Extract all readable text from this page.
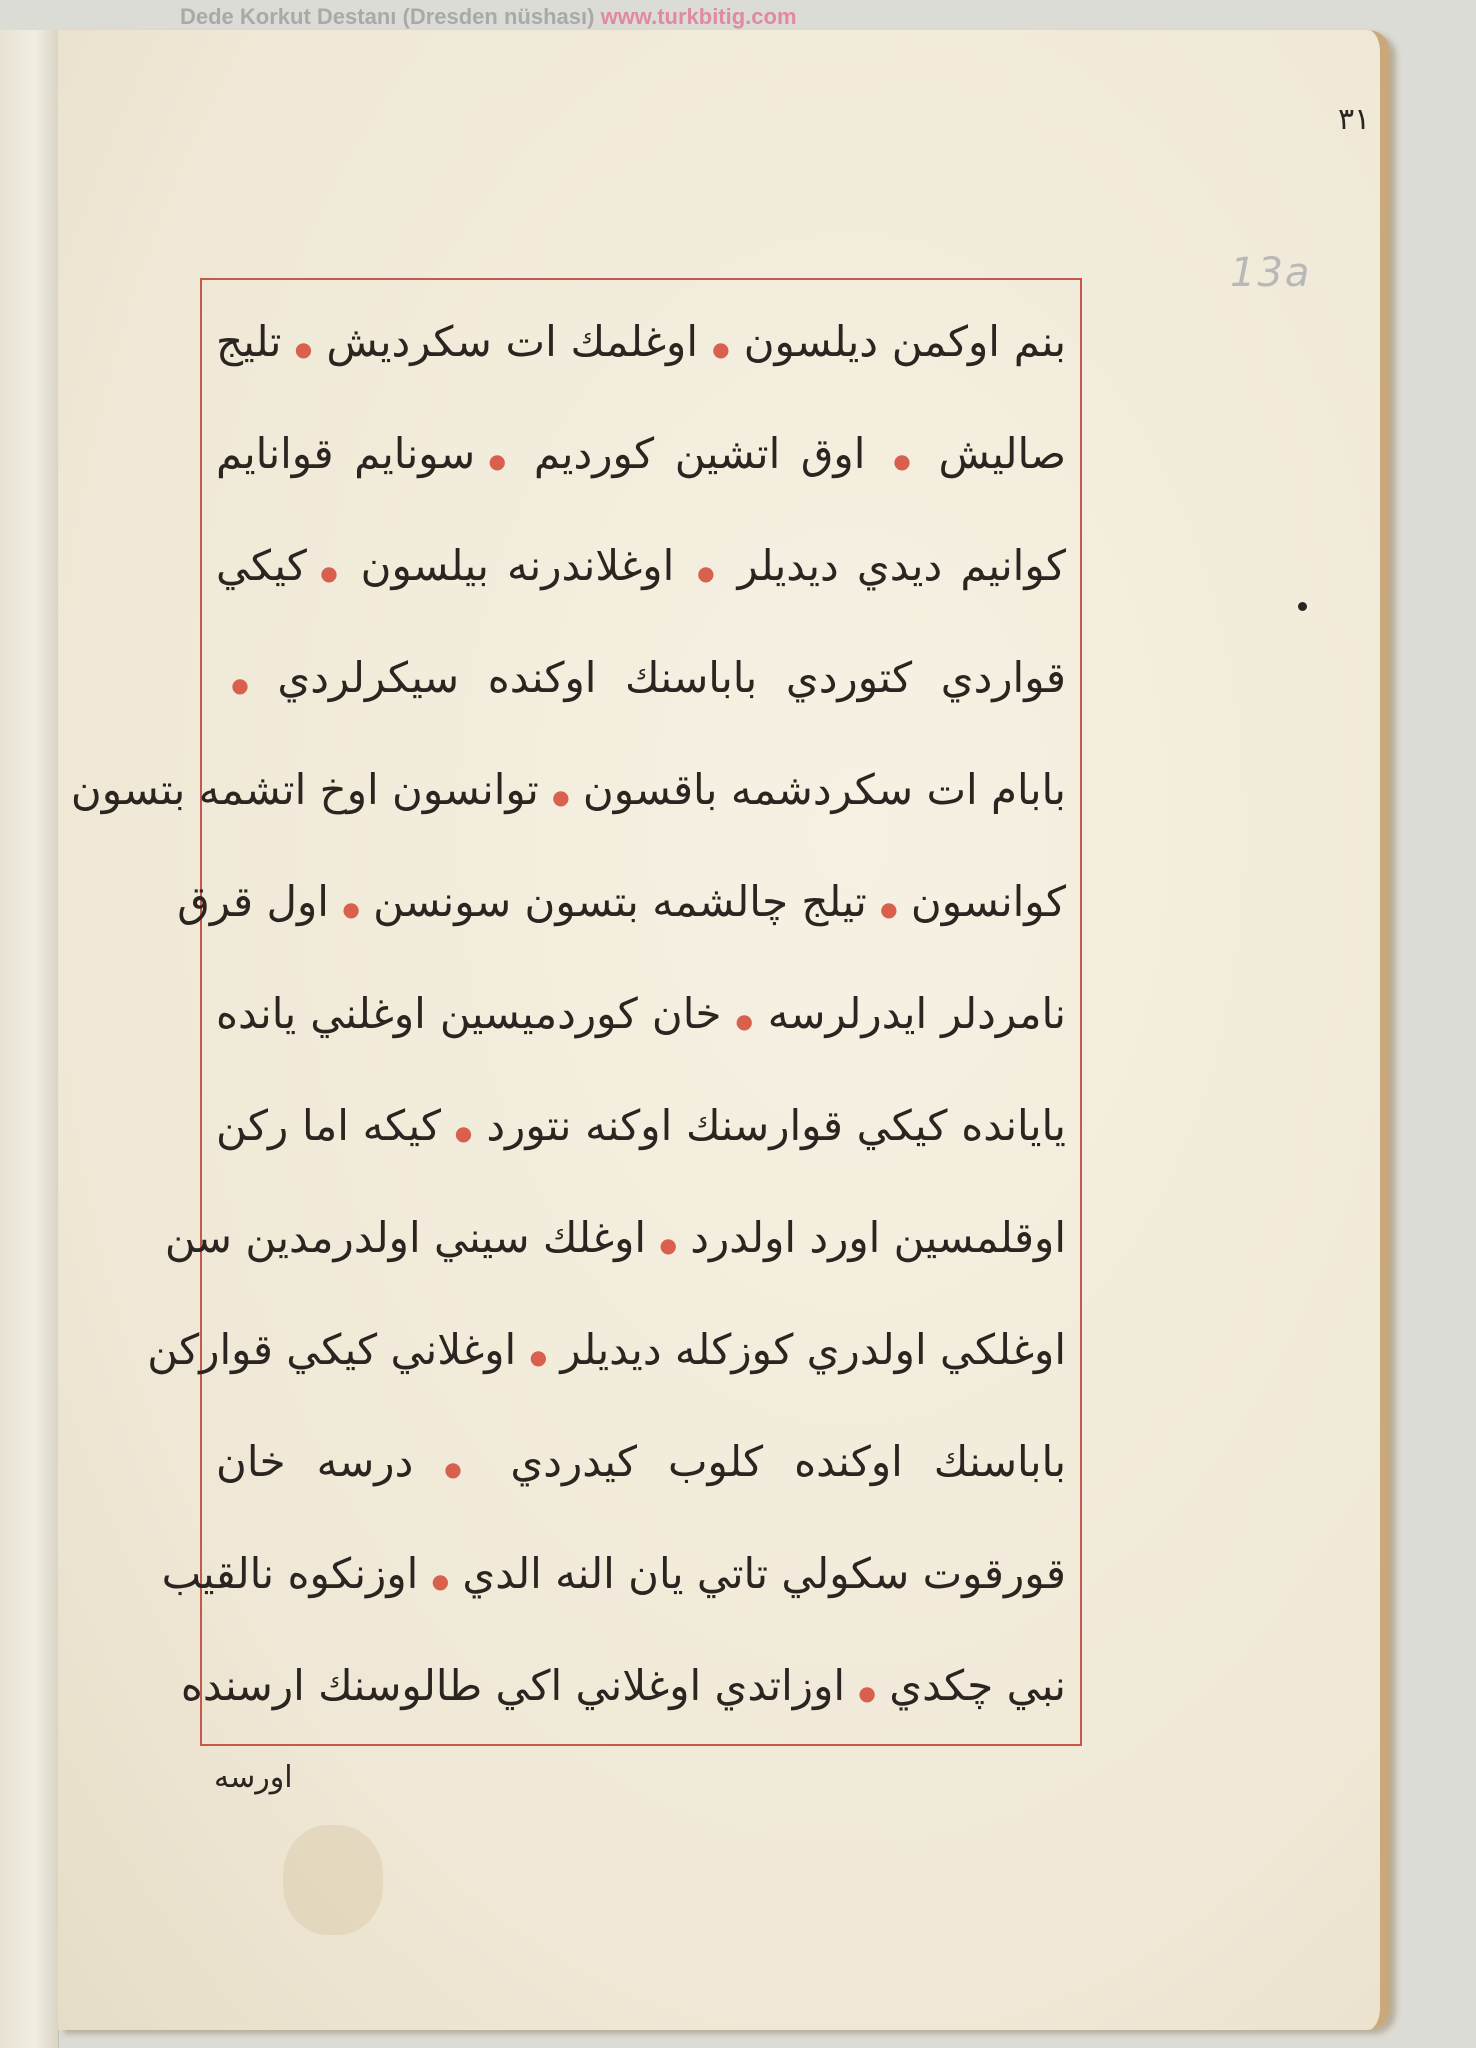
Dede Korkut Destanı (Dresden nüshası) www.turkbitig.com
٣١
13a
بنم اوكمن ديلسون ● اوغلمك ات سكرديش ● تليج
صاليش ● اوق اتشين كورديم ● سونايم قوانايم
كوانيم ديدي ديديلر ● اوغلاندرنه بيلسون ● كيكي
قواردي كتوردي باباسنك اوكنده سيكرلردي ●
بابام ات سكردشمه باقسون ● توانسون اوخ اتشمه بتسون
كوانسون ● تيلج چالشمه بتسون سونسن ● اول قرق
نامردلر ايدرلرسه ● خان كوردميسين اوغلني يانده
يايانده كيكي قوارسنك اوكنه نتورد ● كيكه اما ركن
اوقلمسين اورد اولدرد ● اوغلك سيني اولدرمدين سن
اوغلكي اولدري كوزكله ديديلر ● اوغلاني كيكي قواركن
باباسنك اوكنده كلوب كيدردي ● درسه خان
قورقوت سكولي تاتي يان النه الدي ● اوزنكوه نالقيب
نبي چكدي ● اوزاتدي اوغلاني اكي طالوسنك ارسنده
اورسه
